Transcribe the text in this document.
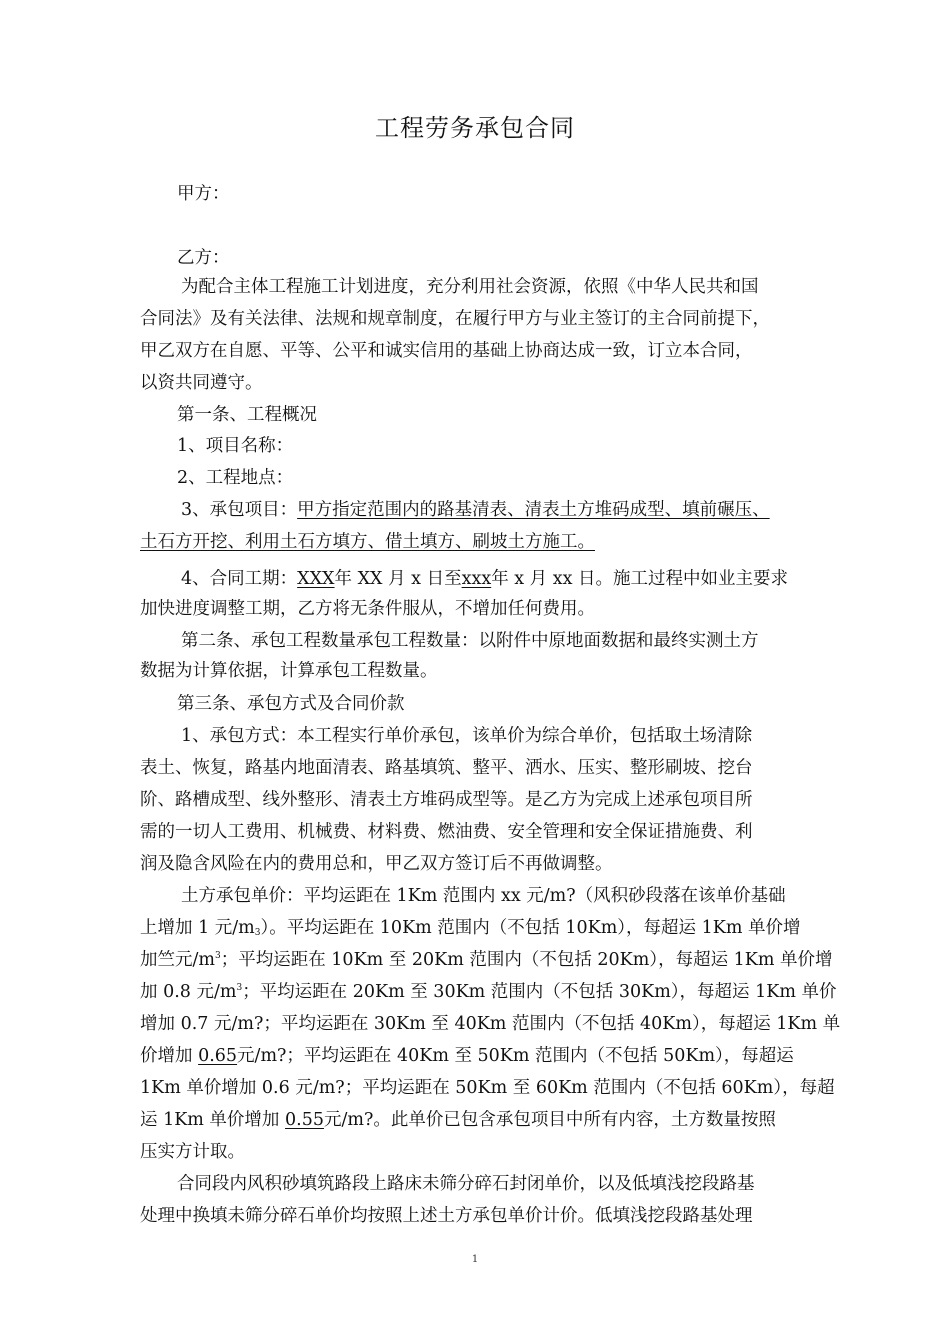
工程劳务承包合同
甲方：
乙方：
为配合主体工程施工计划进度，充分利用社会资源，依照《中华人民共和国
合同法》及有关法律、法规和规章制度，在履行甲方与业主签订的主合同前提下，
甲乙双方在自愿、平等、公平和诚实信用的基础上协商达成一致，订立本合同，
以资共同遵守。
第一条、工程概况
1、项目名称：
2、工程地点：
3、承包项目：甲方指定范围内的路基清表、清表土方堆码成型、填前碾压、
土石方开挖、利用土石方填方、借土填方、刷坡土方施工。
4、合同工期：XXX年 XX 月 x 日至xxx年 x 月 xx 日。施工过程中如业主要求
加快进度调整工期，乙方将无条件服从，不增加任何费用。
第二条、承包工程数量承包工程数量：以附件中原地面数据和最终实测土方
数据为计算依据，计算承包工程数量。
第三条、承包方式及合同价款
1、承包方式：本工程实行单价承包，该单价为综合单价，包括取土场清除
表土、恢复，路基内地面清表、路基填筑、整平、洒水、压实、整形刷坡、挖台
阶、路槽成型、线外整形、清表土方堆码成型等。是乙方为完成上述承包项目所
需的一切人工费用、机械费、材料费、燃油费、安全管理和安全保证措施费、利
润及隐含风险在内的费用总和，甲乙双方签订后不再做调整。
土方承包单价：平均运距在 1Km 范围内 xx 元/m?（风积砂段落在该单价基础
上增加 1 元$/m_3$）。平均运距在 10Km 范围内（不包括 10Km），每超运 1Km 单价增
加竺元$/m^3$；平均运距在 10Km 至 20Km 范围内（不包括 20Km），每超运 1Km 单价增
加 0.8 元$/m^3$；平均运距在 20Km 至 30Km 范围内（不包括 30Km），每超运 1Km 单价
增加 0.7 元/m?；平均运距在 30Km 至 40Km 范围内（不包括 40Km），每超运 1Km 单
价增加 0.65元/m?；平均运距在 40Km 至 50Km 范围内（不包括 50Km），每超运
1Km 单价增加 0.6 元/m?；平均运距在 50Km 至 60Km 范围内（不包括 60Km），每超
运 1Km 单价增加 0.55元/m?。此单价已包含承包项目中所有内容，土方数量按照
压实方计取。
合同段内风积砂填筑路段上路床未筛分碎石封闭单价，以及低填浅挖段路基
处理中换填未筛分碎石单价均按照上述土方承包单价计价。低填浅挖段路基处理
1
